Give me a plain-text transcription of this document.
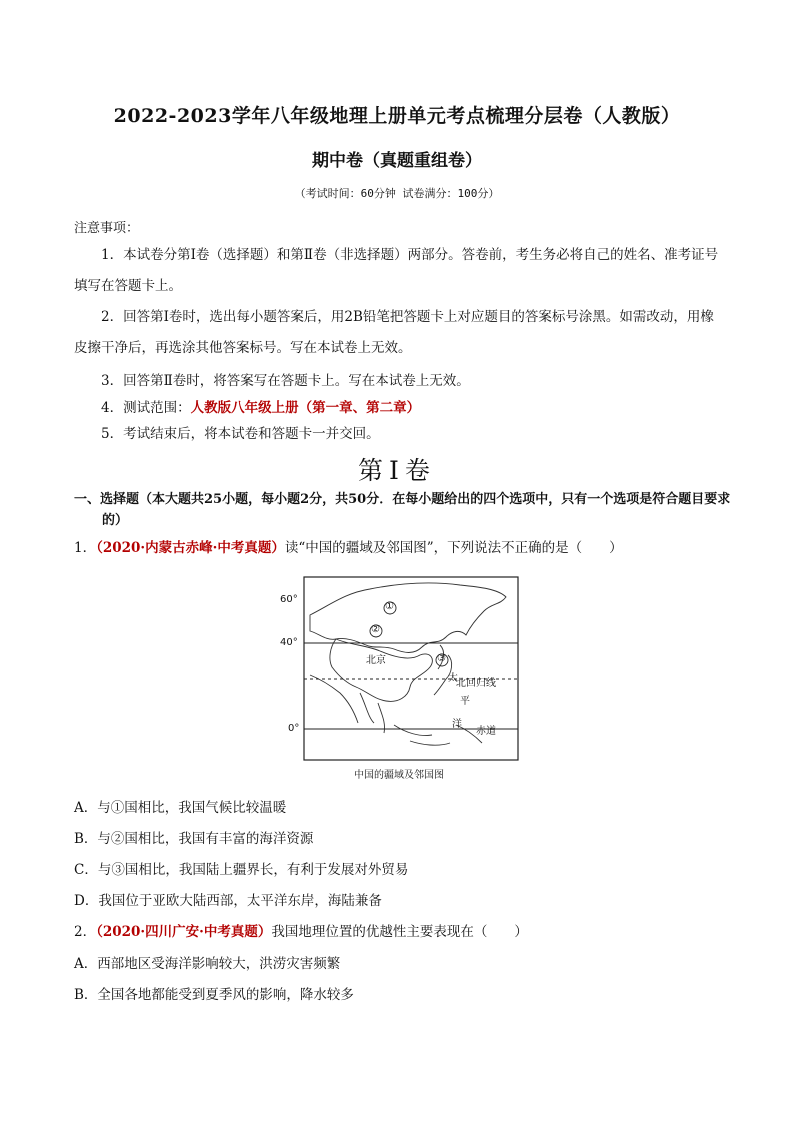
2022-2023学年八年级地理上册单元考点梳理分层卷（人教版）
期中卷（真题重组卷）
（考试时间：60分钟 试卷满分：100分）
注意事项：
1．本试卷分第Ⅰ卷（选择题）和第Ⅱ卷（非选择题）两部分。答卷前，考生务必将自己的姓名、准考证号填写在答题卡上。
2．回答第Ⅰ卷时，选出每小题答案后，用2B铅笔把答题卡上对应题目的答案标号涂黑。如需改动，用橡皮擦干净后，再选涂其他答案标号。写在本试卷上无效。
3．回答第Ⅱ卷时，将答案写在答题卡上。写在本试卷上无效。
4．测试范围：人教版八年级上册（第一章、第二章）
5．考试结束后，将本试卷和答题卡一并交回。
第Ⅰ卷
一、选择题（本大题共25小题，每小题2分，共50分．在每小题给出的四个选项中，只有一个选项是符合题目要求的）
1．（2020·内蒙古赤峰·中考真题）读“中国的疆域及邻国图”，下列说法不正确的是（　　）
60°
40°
0°
①
②
③
北京
北回归线
赤道
太
平
洋
中国的疆域及邻国图
A．与①国相比，我国气候比较温暖
B．与②国相比，我国有丰富的海洋资源
C．与③国相比，我国陆上疆界长，有利于发展对外贸易
D．我国位于亚欧大陆西部，太平洋东岸，海陆兼备
2．（2020·四川广安·中考真题）我国地理位置的优越性主要表现在（　　）
A．西部地区受海洋影响较大，洪涝灾害频繁
B．全国各地都能受到夏季风的影响，降水较多
